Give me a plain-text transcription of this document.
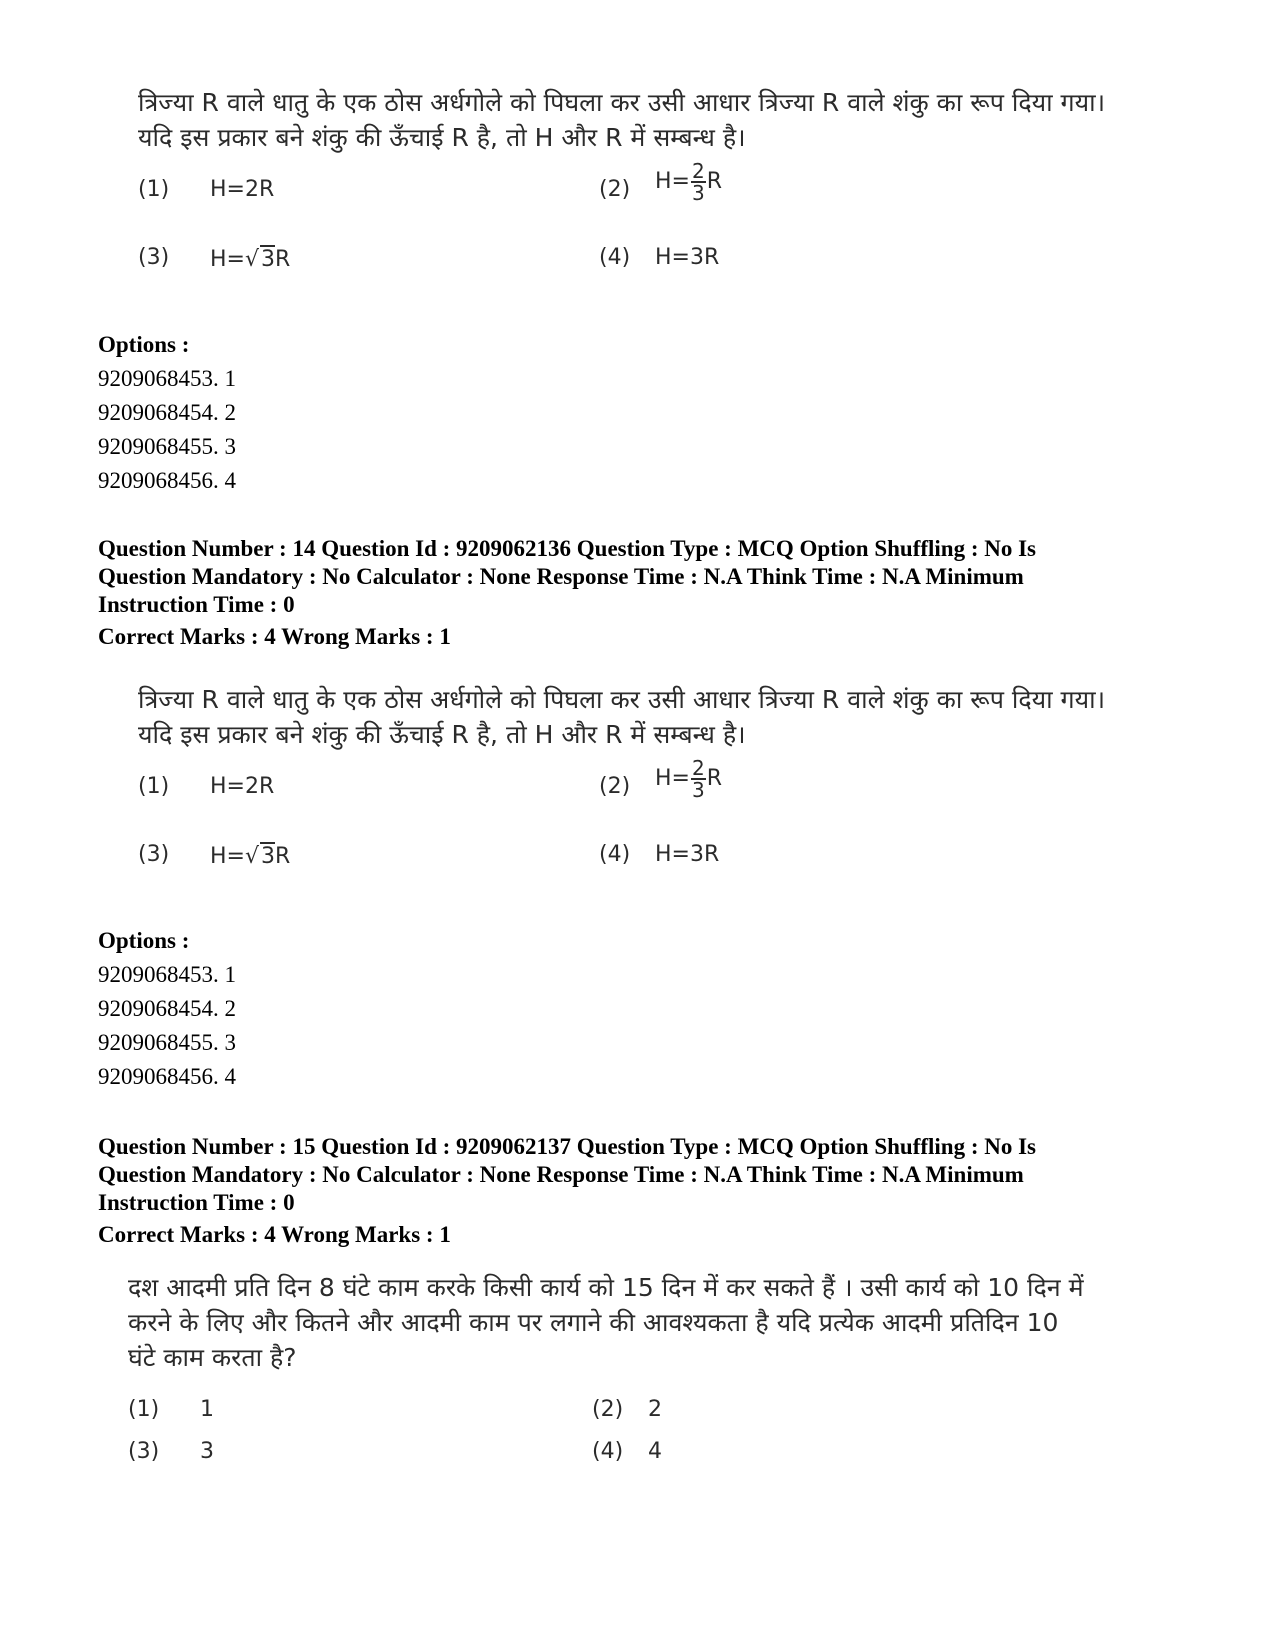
त्रिज्या R वाले धातु के एक ठोस अर्धगोले को पिघला कर उसी आधार त्रिज्या R वाले शंकु का रूप दिया गया।
यदि इस प्रकार बने शंकु की ऊँचाई R है, तो H और R में सम्बन्ध है।
(1) H=2R	(2) $H= \frac{2}{3}$ R
(3) H=√3R	(4) H=3R
Options :
9209068453. 1
9209068454. 2
9209068455. 3
9209068456. 4
Question Number : 14 Question Id : 9209062136 Question Type : MCQ Option Shuffling : No Is
Question Mandatory : No Calculator : None Response Time : N.A Think Time : N.A Minimum
Instruction Time : 0
Correct Marks : 4 Wrong Marks : 1
त्रिज्या R वाले धातु के एक ठोस अर्धगोले को पिघला कर उसी आधार त्रिज्या R वाले शंकु का रूप दिया गया।
यदि इस प्रकार बने शंकु की ऊँचाई R है, तो H और R में सम्बन्ध है।
(1) H=2R	(2) $H= \frac{2}{3}$ R
(3) H=√3R	(4) H=3R
Options :
9209068453. 1
9209068454. 2
9209068455. 3
9209068456. 4
Question Number : 15 Question Id : 9209062137 Question Type : MCQ Option Shuffling : No Is
Question Mandatory : No Calculator : None Response Time : N.A Think Time : N.A Minimum
Instruction Time : 0
Correct Marks : 4 Wrong Marks : 1
दश आदमी प्रति दिन 8 घंटे काम करके किसी कार्य को 15 दिन में कर सकते हैं । उसी कार्य को 10 दिन में
करने के लिए और कितने और आदमी काम पर लगाने की आवश्यकता है यदि प्रत्येक आदमी प्रतिदिन 10
घंटे काम करता है?
(1) 1	(2) 2
(3) 3	(4) 4
